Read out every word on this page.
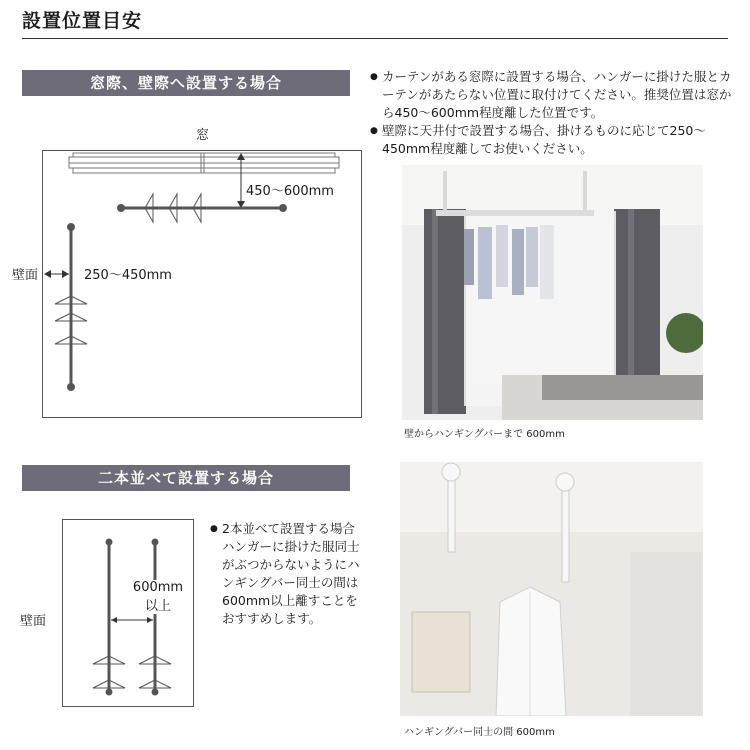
設置位置目安
窓際、壁際へ設置する場合
窓
450〜600mm
壁面	250〜450mm
● カーテンがある窓際に設置する場合、ハンガーに掛けた服とカーテンがあたらない位置に取付けてください。推奨位置は窓から450〜600mm程度離した位置です。
● 壁際に天井付で設置する場合、掛けるものに応じて250〜450mm程度離してお使いください。
壁からハンギングバーまで 600mm
二本並べて設置する場合
600mm
以上
壁面
● 2本並べて設置する場合ハンガーに掛けた服同士がぶつからないようにハンギングバー同士の間は600mm以上離すことをおすすめします。
ハンギングバー同士の間 600mm
